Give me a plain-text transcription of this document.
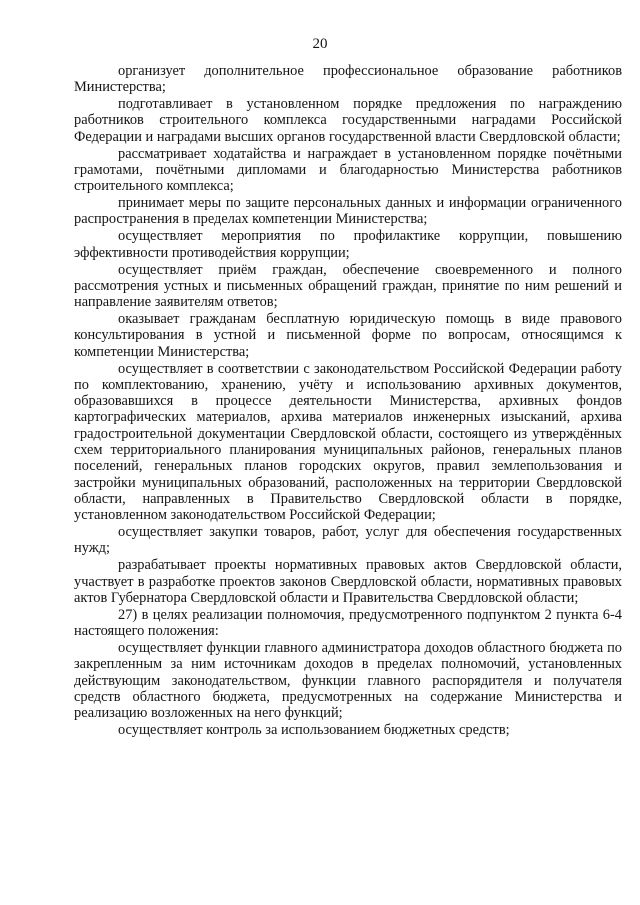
20

организует дополнительное профессиональное образование работников Министерства;

подготавливает в установленном порядке предложения по награждению работников строительного комплекса государственными наградами Российской Федерации и наградами высших органов государственной власти Свердловской области;

рассматривает ходатайства и награждает в установленном порядке почётными грамотами, почётными дипломами и благодарностью Министерства работников строительного комплекса;

принимает меры по защите персональных данных и информации ограниченного распространения в пределах компетенции Министерства;

осуществляет мероприятия по профилактике коррупции, повышению эффективности противодействия коррупции;

осуществляет приём граждан, обеспечение своевременного и полного рассмотрения устных и письменных обращений граждан, принятие по ним решений и направление заявителям ответов;

оказывает гражданам бесплатную юридическую помощь в виде правового консультирования в устной и письменной форме по вопросам, относящимся к компетенции Министерства;

осуществляет в соответствии с законодательством Российской Федерации работу по комплектованию, хранению, учёту и использованию архивных документов, образовавшихся в процессе деятельности Министерства, архивных фондов картографических материалов, архива материалов инженерных изысканий, архива градостроительной документации Свердловской области, состоящего из утверждённых схем территориального планирования муниципальных районов, генеральных планов поселений, генеральных планов городских округов, правил землепользования и застройки муниципальных образований, расположенных на территории Свердловской области, направленных в Правительство Свердловской области в порядке, установленном законодательством Российской Федерации;

осуществляет закупки товаров, работ, услуг для обеспечения государственных нужд;

разрабатывает проекты нормативных правовых актов Свердловской области, участвует в разработке проектов законов Свердловской области, нормативных правовых актов Губернатора Свердловской области и Правительства Свердловской области;

27) в целях реализации полномочия, предусмотренного подпунктом 2 пункта 6-4 настоящего положения:

осуществляет функции главного администратора доходов областного бюджета по закрепленным за ним источникам доходов в пределах полномочий, установленных действующим законодательством, функции главного распорядителя и получателя средств областного бюджета, предусмотренных на содержание Министерства и реализацию возложенных на него функций;

осуществляет контроль за использованием бюджетных средств;
